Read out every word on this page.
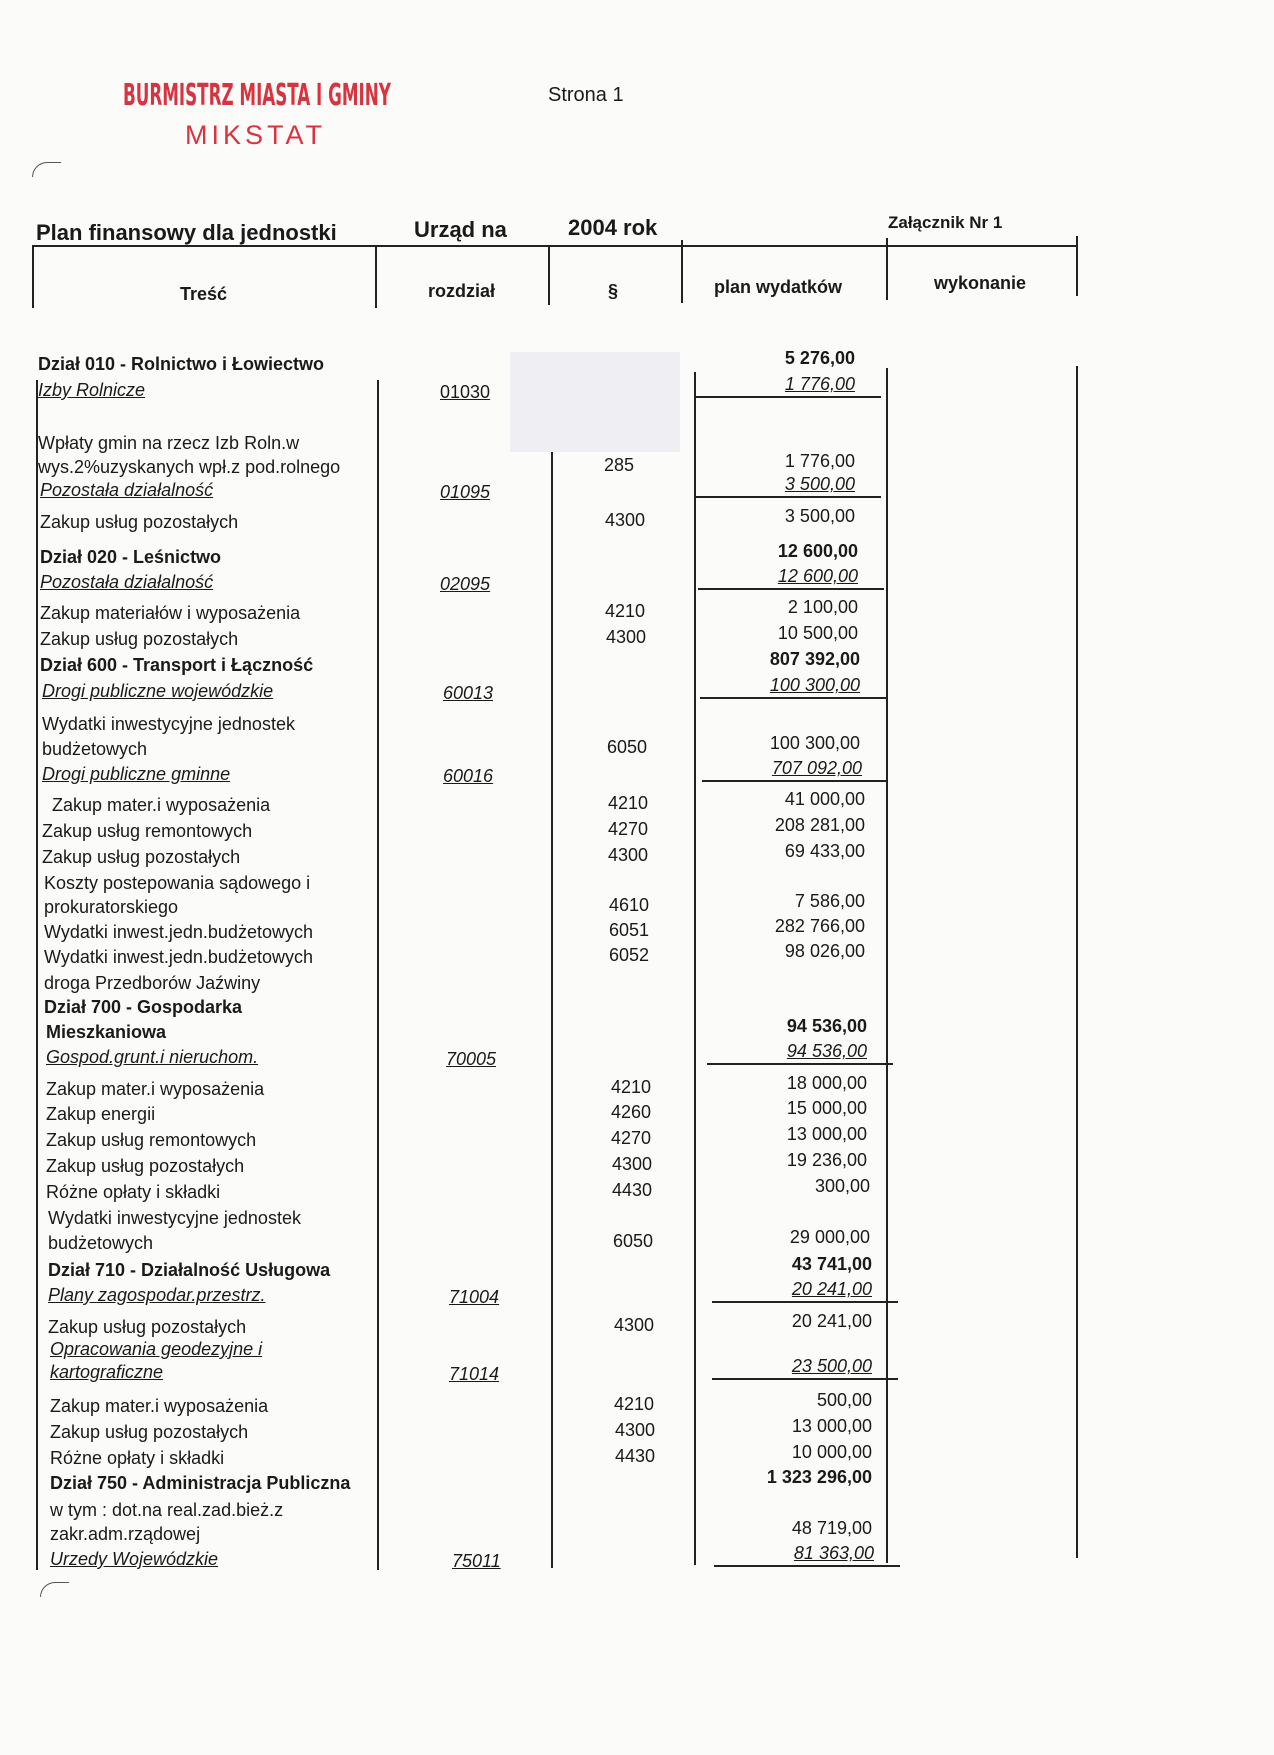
BURMISTRZ MIASTA I GMINY
MIKSTAT
Strona 1
Plan finansowy dla jednostki	Urząd na	2004 rok	Załącznik Nr 1
Treść	rozdział	§	plan wydatków	wykonanie
Dział 010 - Rolnictwo i Łowiectwo	5 276,00
Izby Rolnicze	01030	1 776,00
Wpłaty gmin na rzecz Izb Roln.w
wys.2%uzyskanych wpł.z pod.rolnego	285	1 776,00
Pozostała działalność	01095	3 500,00
Zakup usług pozostałych	4300	3 500,00
Dział 020 - Leśnictwo	12 600,00
Pozostała działalność	02095	12 600,00
Zakup materiałów i wyposażenia	4210	2 100,00
Zakup usług pozostałych	4300	10 500,00
Dział 600 - Transport i Łączność	807 392,00
Drogi publiczne wojewódzkie	60013	100 300,00
Wydatki inwestycyjne jednostek
budżetowych	6050	100 300,00
Drogi publiczne gminne	60016	707 092,00
Zakup mater.i wyposażenia	4210	41 000,00
Zakup usług remontowych	4270	208 281,00
Zakup usług pozostałych	4300	69 433,00
Koszty postepowania sądowego i
prokuratorskiego	4610	7 586,00
Wydatki inwest.jedn.budżetowych	6051	282 766,00
Wydatki inwest.jedn.budżetowych	6052	98 026,00
droga Przedborów Jaźwiny
Dział 700 - Gospodarka
Mieszkaniowa	94 536,00
Gospod.grunt.i nieruchom.	70005	94 536,00
Zakup mater.i wyposażenia	4210	18 000,00
Zakup energii	4260	15 000,00
Zakup usług remontowych	4270	13 000,00
Zakup usług pozostałych	4300	19 236,00
Różne opłaty i składki	4430	300,00
Wydatki inwestycyjne jednostek
budżetowych	6050	29 000,00
Dział 710 - Działalność Usługowa	43 741,00
Plany zagospodar.przestrz.	71004	20 241,00
Zakup usług pozostałych	4300	20 241,00
Opracowania geodezyjne i
kartograficzne	71014	23 500,00
Zakup mater.i wyposażenia	4210	500,00
Zakup usług pozostałych	4300	13 000,00
Różne opłaty i składki	4430	10 000,00
Dział 750 - Administracja Publiczna	1 323 296,00
w tym : dot.na real.zad.bież.z
zakr.adm.rządowej	48 719,00
Urzedy Wojewódzkie	75011	81 363,00
